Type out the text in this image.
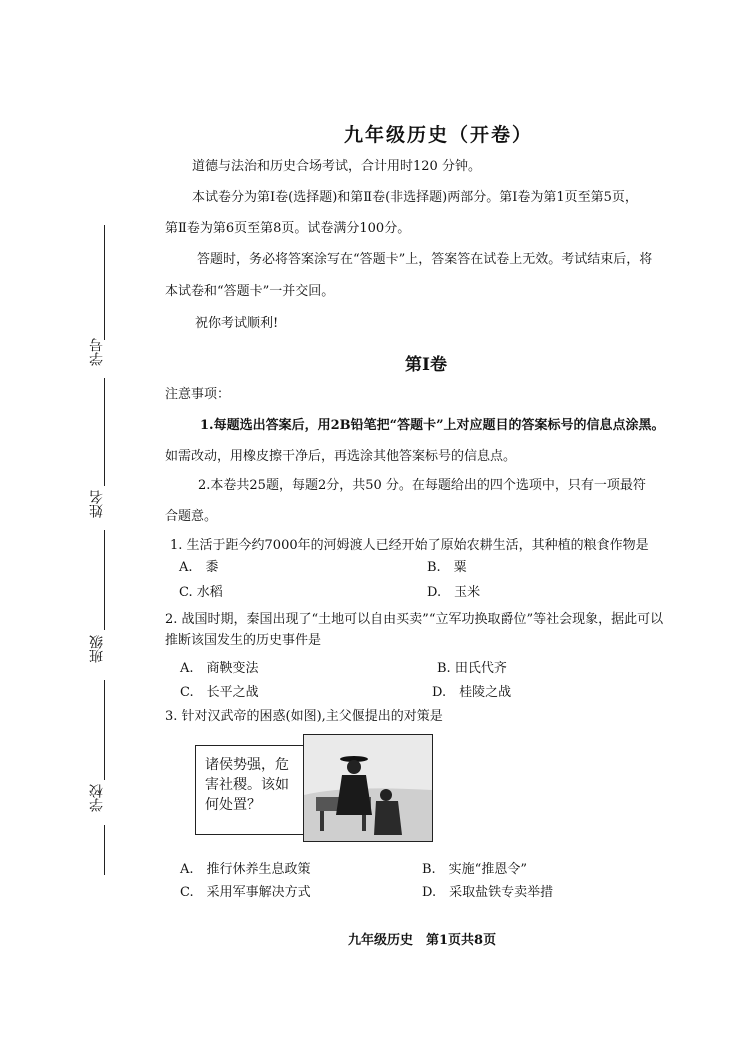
学号
姓名
班级
学校
九年级历史（开卷）
道德与法治和历史合场考试，合计用时120 分钟。
本试卷分为第Ⅰ卷(选择题)和第Ⅱ卷(非选择题)两部分。第Ⅰ卷为第1页至第5页，
第Ⅱ卷为第6页至第8页。试卷满分100分。
答题时，务必将答案涂写在“答题卡”上，答案答在试卷上无效。考试结束后，将
本试卷和“答题卡”一并交回。
祝你考试顺利!
第Ⅰ卷
注意事项：
1.每题选出答案后，用2B铅笔把“答题卡”上对应题目的答案标号的信息点涂黑。
如需改动，用橡皮擦干净后，再选涂其他答案标号的信息点。
2.本卷共25题，每题2分，共50 分。在每题给出的四个选项中，只有一项最符
合题意。
1. 生活于距今约7000年的河姆渡人已经开始了原始农耕生活，其种植的粮食作物是
A.　黍	B.　粟
C. 水稻	D.　玉米
2. 战国时期，秦国出现了“土地可以自由买卖”“立军功换取爵位”等社会现象，据此可以
推断该国发生的历史事件是
A.　商鞅变法	B. 田氏代齐
C.　长平之战	D.　桂陵之战
3. 针对汉武帝的困惑(如图),主父偃提出的对策是
诸侯势强，危害社稷。该如何处置？
A.　推行休养生息政策	B.　实施“推恩令”
C.　采用军事解决方式	D.　采取盐铁专卖举措
九年级历史　第1页共8页
